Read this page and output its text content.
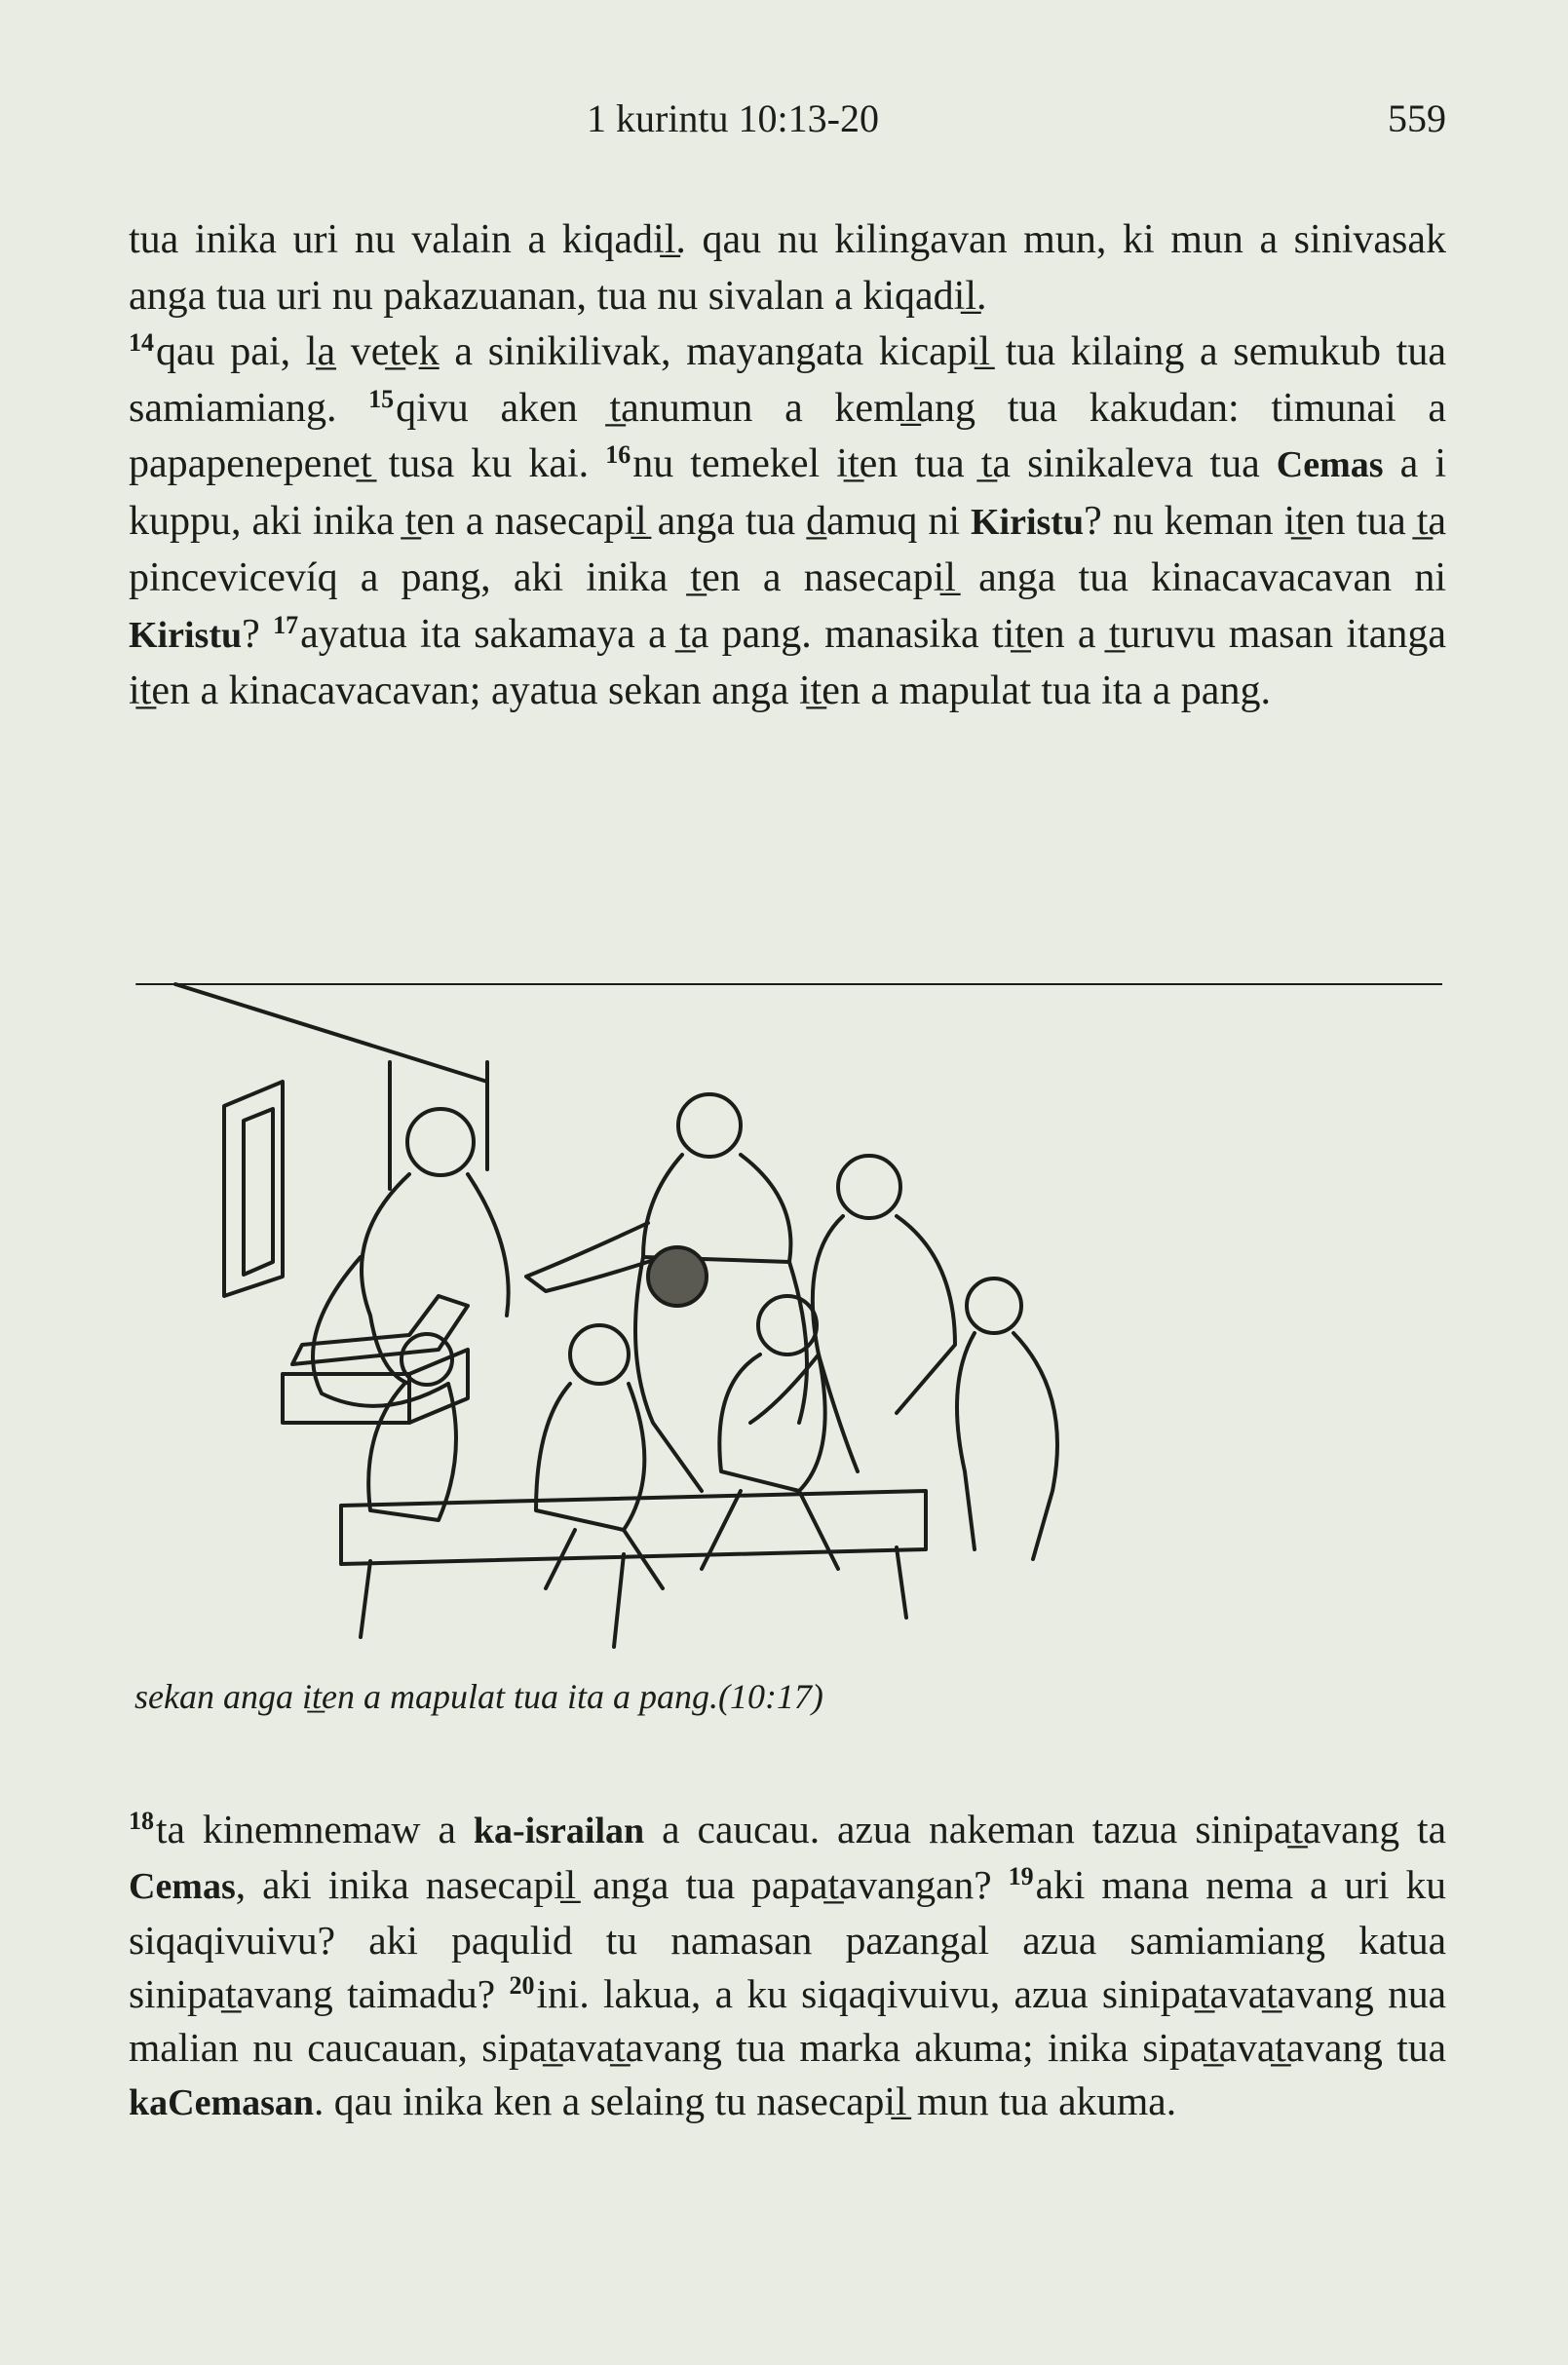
1 kurintu 10:13-20	559

tua inika uri nu valain a kiqadil̲. qau nu kilingavan mun, ki mun a sinivasak anga tua uri nu pakazuanan, tua nu sivalan a kiqadil̲.

$^{14}$qau pai, la̲ vet̲ek̲ a sinikilivak, mayangata kicapil̲ tua kilaing a semukub tua samiamiang. $^{15}$qivu aken t̲anumun a keml̲ang tua kakudan: timunai a papapenepenet̲ tusa ku kai. $^{16}$nu temekel it̲en tua t̲a sinikaleva tua Cemas a i kuppu, aki inika t̲en a nasecapil̲ anga tua d̲amuq ni Kiristu? nu keman it̲en tua t̲a pincevicevíq a pang, aki inika t̲en a nasecapil̲ anga tua kinacavacavan ni Kiristu? $^{17}$ayatua ita sakamaya a t̲a pang. manasika tit̲en a t̲uruvu masan itanga it̲en a kinacavacavan; ayatua sekan anga it̲en a mapulat tua ita a pang.

sekan anga it̲en a mapulat tua ita a pang.(10:17)

$^{18}$ta kinemnemaw a ka-israilan a caucau. azua nakeman tazua sinipat̲avang ta Cemas, aki inika nasecapil̲ anga tua papat̲avangan? $^{19}$aki mana nema a uri ku siqaqivuivu? aki paqulid tu namasan pazangal azua samiamiang katua sinipat̲avang taimadu? $^{20}$ini. lakua, a ku siqaqivuivu, azua sinipat̲avat̲avang nua malian nu caucauan, sipat̲avat̲avang tua marka akuma; inika sipat̲avat̲avang tua kaCemasan. qau inika ken a selaing tu nasecapil̲ mun tua akuma.
